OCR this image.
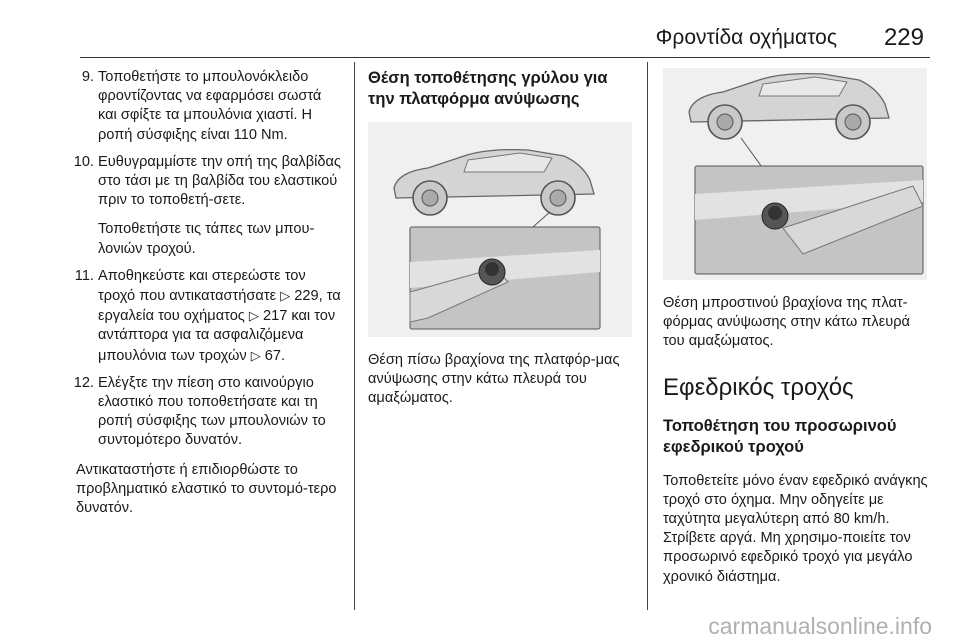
Φροντίδα οχήματος 229
9. Τοποθετήστε το μπουλονόκλειδο φροντίζοντας να εφαρμόσει σωστά και σφίξτε τα μπουλόνια χιαστί. Η ροπή σύσφιξης είναι 110 Nm.
10. Ευθυγραμμίστε την οπή της βαλβίδας στο τάσι με τη βαλβίδα του ελαστικού πριν το τοποθετή-σετε.
Τοποθετήστε τις τάπες των μπου-λονιών τροχού.
11. Αποθηκεύστε και στερεώστε τον τροχό που αντικαταστήσατε ▷ 229, τα εργαλεία του οχήματος ▷ 217 και τον αντάπτορα για τα ασφαλιζόμενα μπουλόνια των τροχών ▷ 67.
12. Ελέγξτε την πίεση στο καινούργιο ελαστικό που τοποθετήσατε και τη ροπή σύσφιξης των μπουλονιών το συντομότερο δυνατόν.
Αντικαταστήστε ή επιδιορθώστε το προβληματικό ελαστικό το συντομό-τερο δυνατόν.
Θέση τοποθέτησης γρύλου για την πλατφόρμα ανύψωσης
Θέση πίσω βραχίονα της πλατφόρ-μας ανύψωσης στην κάτω πλευρά του αμαξώματος.
Θέση μπροστινού βραχίονα της πλατ-φόρμας ανύψωσης στην κάτω πλευρά του αμαξώματος.
Εφεδρικός τροχός
Τοποθέτηση του προσωρινού εφεδρικού τροχού
Τοποθετείτε μόνο έναν εφεδρικό ανάγκης τροχό στο όχημα. Μην οδηγείτε με ταχύτητα μεγαλύτερη από 80 km/h. Στρίβετε αργά. Μη χρησιμο-ποιείτε τον προσωρινό εφεδρικό τροχό για μεγάλο χρονικό διάστημα.
carmanualsonline.info
